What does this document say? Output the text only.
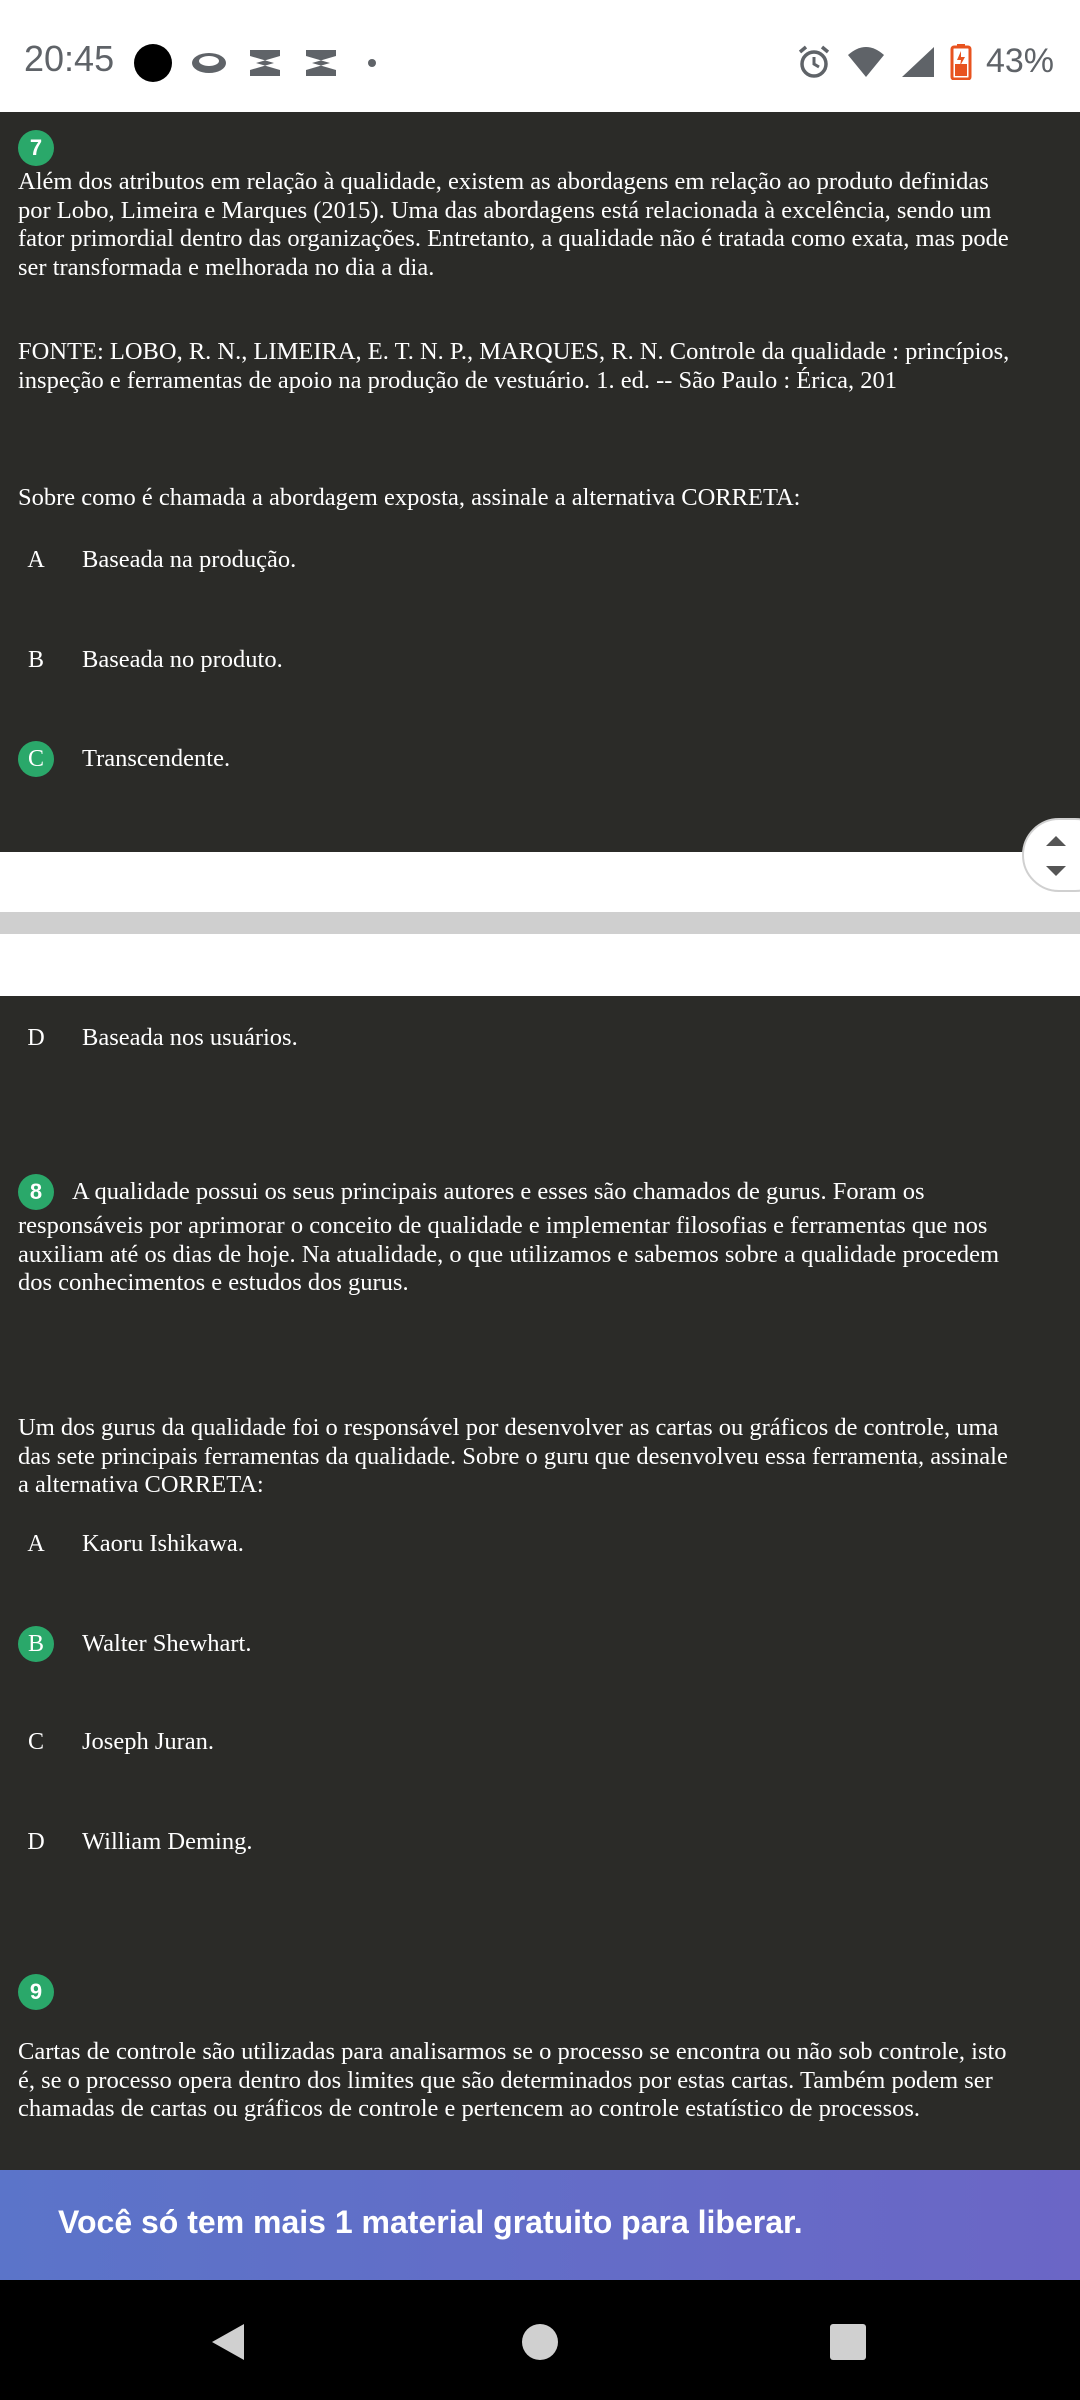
20:45	43%
7
Além dos atributos em relação à qualidade, existem as abordagens em relação ao produto definidas
por Lobo, Limeira e Marques (2015). Uma das abordagens está relacionada à excelência, sendo um
fator primordial dentro das organizações. Entretanto, a qualidade não é tratada como exata, mas pode
ser transformada e melhorada no dia a dia.
FONTE: LOBO, R. N., LIMEIRA, E. T. N. P., MARQUES, R. N. Controle da qualidade : princípios,
inspeção e ferramentas de apoio na produção de vestuário. 1. ed. -- São Paulo : Érica, 201
Sobre como é chamada a abordagem exposta, assinale a alternativa CORRETA:
A	Baseada na produção.
B	Baseada no produto.
C	Transcendente.
D	Baseada nos usuários.
8	A qualidade possui os seus principais autores e esses são chamados de gurus. Foram os
responsáveis por aprimorar o conceito de qualidade e implementar filosofias e ferramentas que nos
auxiliam até os dias de hoje. Na atualidade, o que utilizamos e sabemos sobre a qualidade procedem
dos conhecimentos e estudos dos gurus.
Um dos gurus da qualidade foi o responsável por desenvolver as cartas ou gráficos de controle, uma
das sete principais ferramentas da qualidade. Sobre o guru que desenvolveu essa ferramenta, assinale
a alternativa CORRETA:
A	Kaoru Ishikawa.
B	Walter Shewhart.
C	Joseph Juran.
D	William Deming.
9
Cartas de controle são utilizadas para analisarmos se o processo se encontra ou não sob controle, isto
é, se o processo opera dentro dos limites que são determinados por estas cartas. Também podem ser
chamadas de cartas ou gráficos de controle e pertencem ao controle estatístico de processos.
Você só tem mais 1 material gratuito para liberar.
